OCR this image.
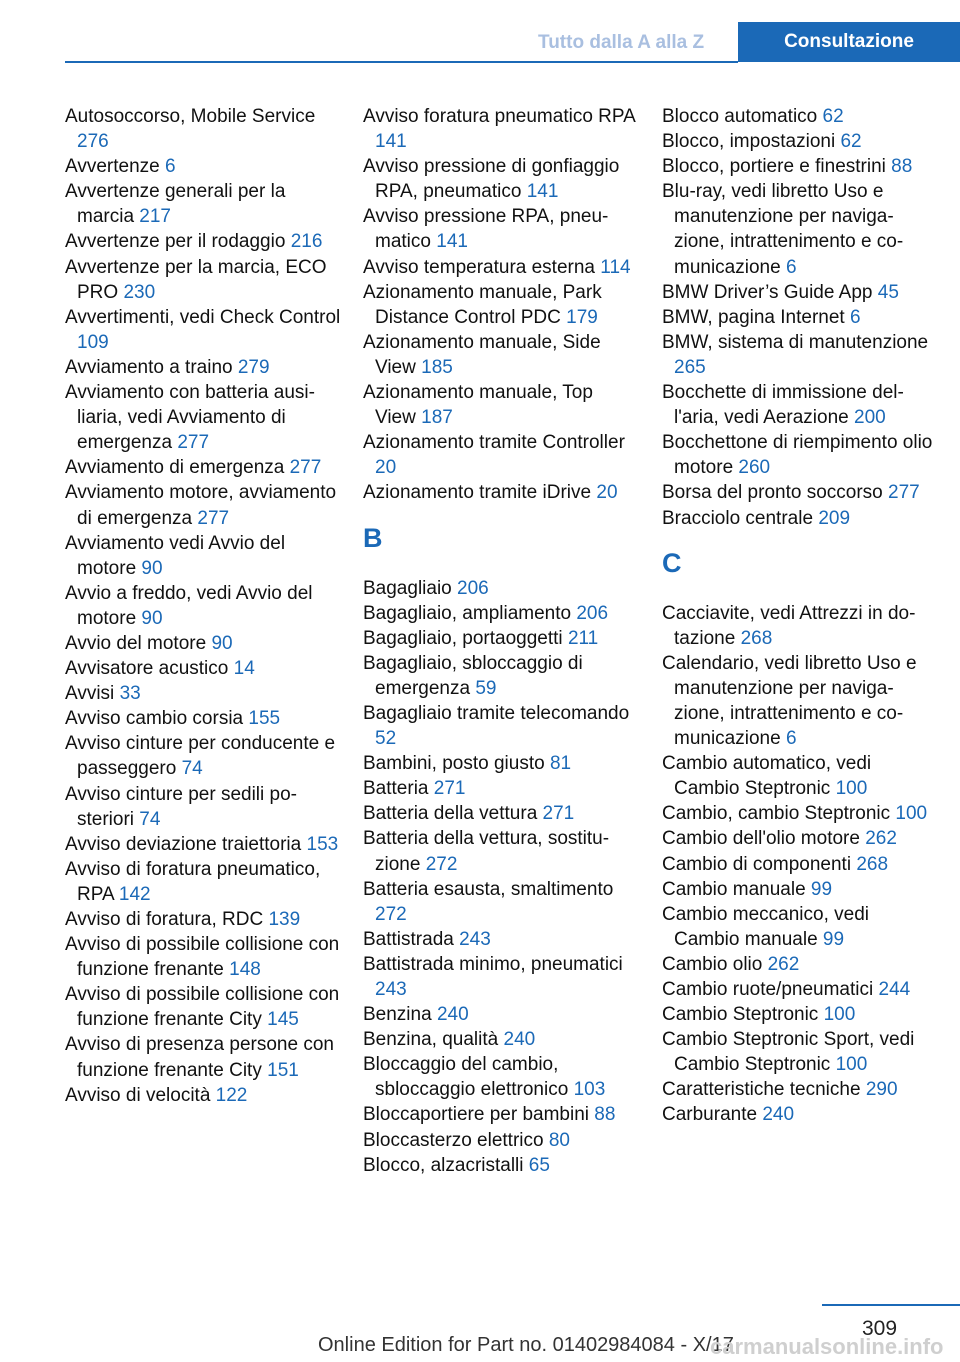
Tutto dalla A alla Z	Consultazione
Autosoccorso, Mobile Service 276
Avvertenze 6
Avvertenze generali per la marcia 217
Avvertenze per il rodaggio 216
Avvertenze per la marcia, ECO PRO 230
Avvertimenti, vedi Check Control 109
Avviamento a traino 279
Avviamento con batteria ausiliaria, vedi Avviamento di emergenza 277
Avviamento di emergenza 277
Avviamento motore, avviamento di emergenza 277
Avviamento vedi Avvio del motore 90
Avvio a freddo, vedi Avvio del motore 90
Avvio del motore 90
Avvisatore acustico 14
Avvisi 33
Avviso cambio corsia 155
Avviso cinture per conducente e passeggero 74
Avviso cinture per sedili posteriori 74
Avviso deviazione traiettoria 153
Avviso di foratura pneumatico, RPA 142
Avviso di foratura, RDC 139
Avviso di possibile collisione con funzione frenante 148
Avviso di possibile collisione con funzione frenante City 145
Avviso di presenza persone con funzione frenante City 151
Avviso di velocità 122
Avviso foratura pneumatico RPA 141
Avviso pressione di gonfiaggio RPA, pneumatico 141
Avviso pressione RPA, pneumatico 141
Avviso temperatura esterna 114
Azionamento manuale, Park Distance Control PDC 179
Azionamento manuale, Side View 185
Azionamento manuale, Top View 187
Azionamento tramite Controller 20
Azionamento tramite iDrive 20
B
Bagagliaio 206
Bagagliaio, ampliamento 206
Bagagliaio, portaoggetti 211
Bagagliaio, sbloccaggio di emergenza 59
Bagagliaio tramite telecomando 52
Bambini, posto giusto 81
Batteria 271
Batteria della vettura 271
Batteria della vettura, sostituzione 272
Batteria esausta, smaltimento 272
Battistrada 243
Battistrada minimo, pneumatici 243
Benzina 240
Benzina, qualità 240
Bloccaggio del cambio, sbloccaggio elettronico 103
Bloccaportiere per bambini 88
Bloccasterzo elettrico 80
Blocco, alzacristalli 65
Blocco automatico 62
Blocco, impostazioni 62
Blocco, portiere e finestrini 88
Blu-ray, vedi libretto Uso e manutenzione per navigazione, intrattenimento e comunicazione 6
BMW Driver’s Guide App 45
BMW, pagina Internet 6
BMW, sistema di manutenzione 265
Bocchette di immissione dell'aria, vedi Aerazione 200
Bocchettone di riempimento olio motore 260
Borsa del pronto soccorso 277
Bracciolo centrale 209
C
Cacciavite, vedi Attrezzi in dotazione 268
Calendario, vedi libretto Uso e manutenzione per navigazione, intrattenimento e comunicazione 6
Cambio automatico, vedi Cambio Steptronic 100
Cambio, cambio Steptronic 100
Cambio dell'olio motore 262
Cambio di componenti 268
Cambio manuale 99
Cambio meccanico, vedi Cambio manuale 99
Cambio olio 262
Cambio ruote/pneumatici 244
Cambio Steptronic 100
Cambio Steptronic Sport, vedi Cambio Steptronic 100
Caratteristiche tecniche 290
Carburante 240
309
Online Edition for Part no. 01402984084 - X/17
carmanualsonline.info
